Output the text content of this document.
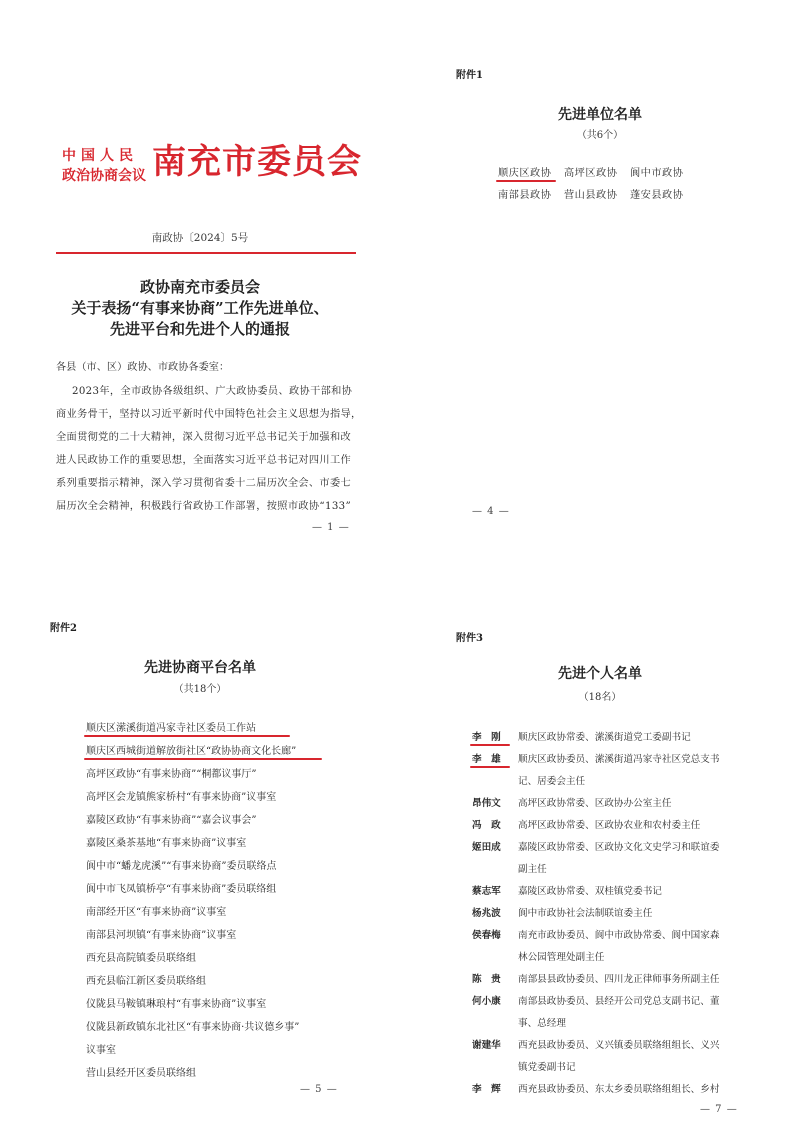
中国人民
政治协商会议 南充市委员会
南政协〔2024〕5号
政协南充市委员会
关于表扬“有事来协商”工作先进单位、
先进平台和先进个人的通报
各县（市、区）政协、市政协各委室：
2023年，全市政协各级组织、广大政协委员、政协干部和协
商业务骨干，坚持以习近平新时代中国特色社会主义思想为指导，
全面贯彻党的二十大精神，深入贯彻习近平总书记关于加强和改
进人民政协工作的重要思想，全面落实习近平总书记对四川工作
系列重要指示精神，深入学习贯彻省委十二届历次全会、市委七
届历次全会精神，积极践行省政协工作部署，按照市政协“133”
— 1 —
附件1
先进单位名单
（共6个）
顺庆区政协 高坪区政协 阆中市政协
南部县政协 营山县政协 蓬安县政协
— 4 —
附件2
先进协商平台名单
（共18个）
顺庆区潆溪街道冯家寺社区委员工作站
顺庆区西城街道解放街社区“政协协商文化长廊”
高坪区政协“有事来协商”“桐都议事厅”
高坪区会龙镇熊家桥村“有事来协商”议事室
嘉陵区政协“有事来协商”“嘉会议事会”
嘉陵区桑茶基地“有事来协商”议事室
阆中市“蟠龙虎溪”“有事来协商”委员联络点
阆中市飞凤镇桥亭“有事来协商”委员联络组
南部经开区“有事来协商”议事室
南部县河坝镇“有事来协商”议事室
西充县高院镇委员联络组
西充县临江新区委员联络组
仪陇县马鞍镇琳琅村“有事来协商”议事室
仪陇县新政镇东北社区“有事来协商·共议德乡事”
议事室
营山县经开区委员联络组
— 5 —
附件3
先进个人名单
（18名）
李　刚 顺庆区政协常委、潆溪街道党工委副书记
李　雄 顺庆区政协委员、潆溪街道冯家寺社区党总支书
记、居委会主任
昂伟文 高坪区政协常委、区政协办公室主任
冯　政 高坪区政协常委、区政协农业和农村委主任
姬田成 嘉陵区政协常委、区政协文化文史学习和联谊委
副主任
蔡志军 嘉陵区政协常委、双桂镇党委书记
杨兆波 阆中市政协社会法制联谊委主任
侯春梅 南充市政协委员、阆中市政协常委、阆中国家森
林公园管理处副主任
陈　贵 南部县县政协委员、四川龙正律师事务所副主任
何小康 南部县政协委员、县经开公司党总支副书记、董
事、总经理
谢建华 西充县政协委员、义兴镇委员联络组组长、义兴
镇党委副书记
李　辉 西充县政协委员、东太乡委员联络组组长、乡村
— 7 —
